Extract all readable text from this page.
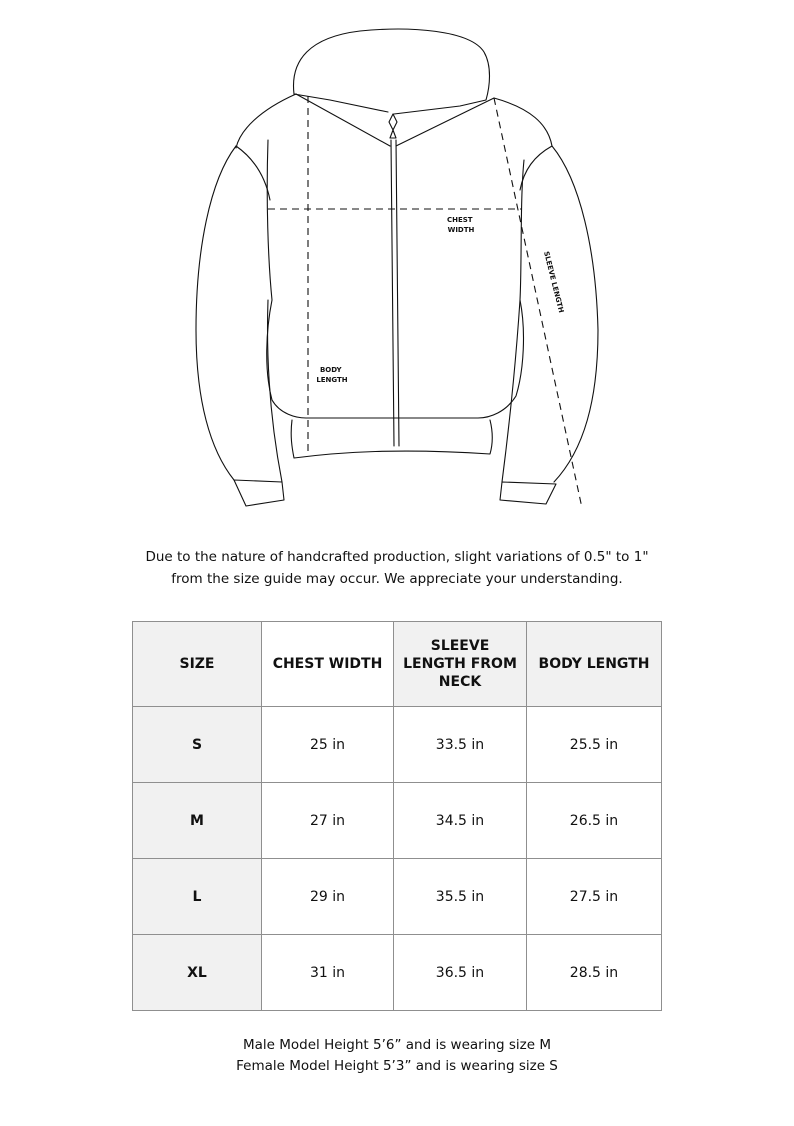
CHEST WIDTH
BODY LENGTH
SLEEVE LENGTH
Due to the nature of handcrafted production, slight variations of 0.5" to 1"
from the size guide may occur. We appreciate your understanding.
SIZE	CHEST WIDTH	SLEEVE LENGTH FROM NECK	BODY LENGTH
S	25 in	33.5 in	25.5 in
M	27 in	34.5 in	26.5 in
L	29 in	35.5 in	27.5 in
XL	31 in	36.5 in	28.5 in
Male Model Height 5’6” and is wearing size M
Female Model Height 5’3” and is wearing size S
